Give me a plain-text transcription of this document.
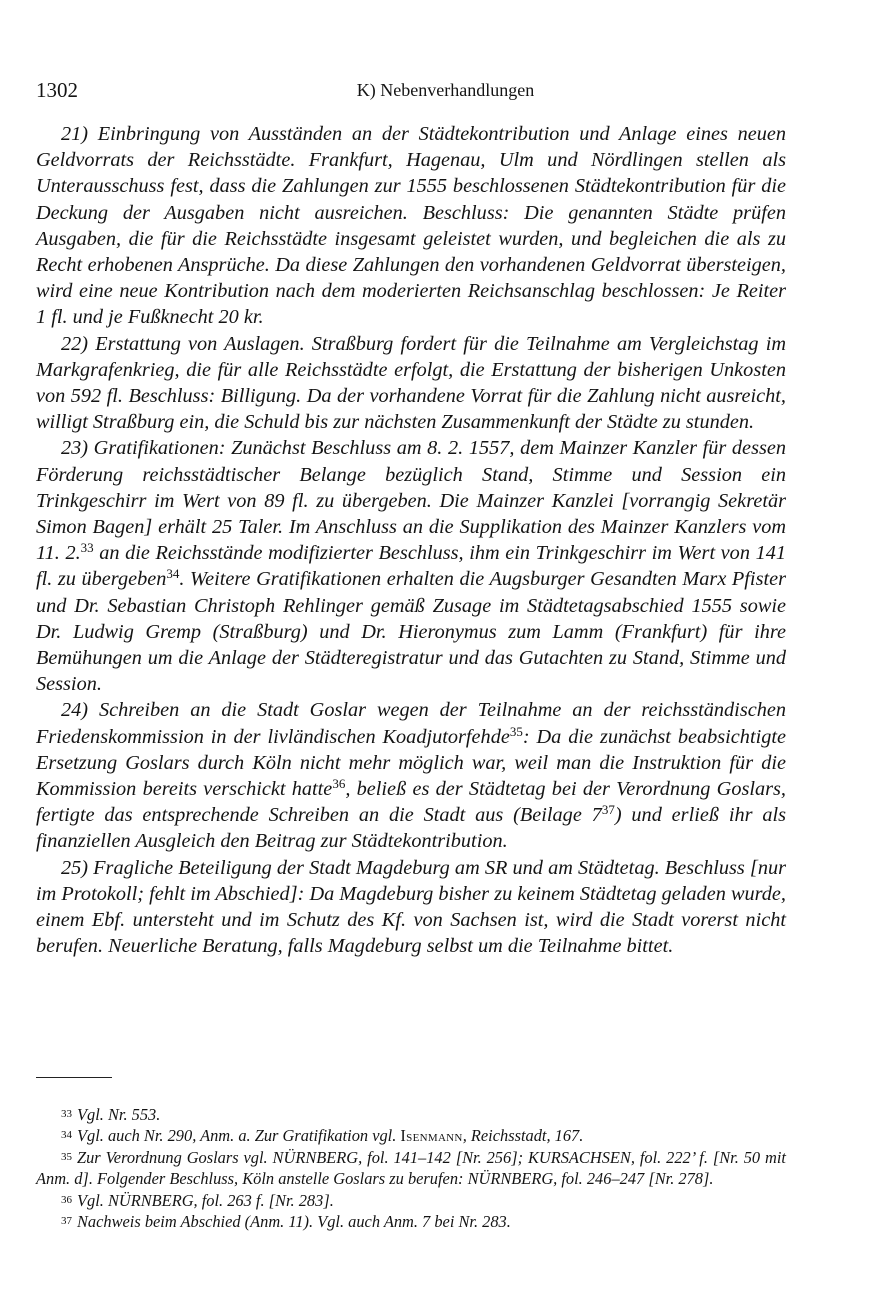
1302	K) Nebenverhandlungen

21) Einbringung von Ausständen an der Städtekontribution und Anlage eines neuen Geldvorrats der Reichsstädte. Frankfurt, Hagenau, Ulm und Nördlingen stellen als Unterausschuss fest, dass die Zahlungen zur 1555 beschlossenen Städtekontribution für die Deckung der Ausgaben nicht ausreichen. Beschluss: Die genannten Städte prüfen Ausgaben, die für die Reichsstädte insgesamt geleistet wurden, und begleichen die als zu Recht erhobenen Ansprüche. Da diese Zahlungen den vorhandenen Geldvorrat übersteigen, wird eine neue Kontribution nach dem moderierten Reichsanschlag beschlossen: Je Reiter 1 fl. und je Fußknecht 20 kr.

22) Erstattung von Auslagen. Straßburg fordert für die Teilnahme am Vergleichstag im Markgrafenkrieg, die für alle Reichsstädte erfolgt, die Erstattung der bisherigen Unkosten von 592 fl. Beschluss: Billigung. Da der vorhandene Vorrat für die Zahlung nicht ausreicht, willigt Straßburg ein, die Schuld bis zur nächsten Zusammenkunft der Städte zu stunden.

23) Gratifikationen: Zunächst Beschluss am 8. 2. 1557, dem Mainzer Kanzler für dessen Förderung reichsstädtischer Belange bezüglich Stand, Stimme und Session ein Trinkgeschirr im Wert von 89 fl. zu übergeben. Die Mainzer Kanzlei [vorrangig Sekretär Simon Bagen] erhält 25 Taler. Im Anschluss an die Supplikation des Mainzer Kanzlers vom 11. 2.33 an die Reichsstände modifizierter Beschluss, ihm ein Trinkgeschirr im Wert von 141 fl. zu übergeben$^{34}$. Weitere Gratifikationen erhalten die Augsburger Gesandten Marx Pfister und Dr. Sebastian Christoph Rehlinger gemäß Zusage im Städtetagsabschied 1555 sowie Dr. Ludwig Gremp (Straßburg) und Dr. Hieronymus zum Lamm (Frankfurt) für ihre Bemühungen um die Anlage der Städteregistratur und das Gutachten zu Stand, Stimme und Session.

24) Schreiben an die Stadt Goslar wegen der Teilnahme an der reichsständischen Friedenskommission in der livländischen Koadjutorfehde$^{35}$: Da die zunächst beabsichtigte Ersetzung Goslars durch Köln nicht mehr möglich war, weil man die Instruktion für die Kommission bereits verschickt hatte$^{36}$, beließ es der Städtetag bei der Verordnung Goslars, fertigte das entsprechende Schreiben an die Stadt aus (Beilage 7$^{37}$) und erließ ihr als finanziellen Ausgleich den Beitrag zur Städtekontribution.

25) Fragliche Beteiligung der Stadt Magdeburg am SR und am Städtetag. Beschluss [nur im Protokoll; fehlt im Abschied]: Da Magdeburg bisher zu keinem Städtetag geladen wurde, einem Ebf. untersteht und im Schutz des Kf. von Sachsen ist, wird die Stadt vorerst nicht berufen. Neuerliche Beratung, falls Magdeburg selbst um die Teilnahme bittet.

33 Vgl. Nr. 553.

34 Vgl. auch Nr. 290, Anm. a. Zur Gratifikation vgl. Isenmann, Reichsstadt, 167.

35 Zur Verordnung Goslars vgl. NÜRNBERG, fol. 141–142 [Nr. 256]; KURSACHSEN, fol. 222’ f. [Nr. 50 mit Anm. d]. Folgender Beschluss, Köln anstelle Goslars zu berufen: NÜRNBERG, fol. 246–247 [Nr. 278].

36 Vgl. NÜRNBERG, fol. 263 f. [Nr. 283].

37 Nachweis beim Abschied (Anm. 11). Vgl. auch Anm. 7 bei Nr. 283.
